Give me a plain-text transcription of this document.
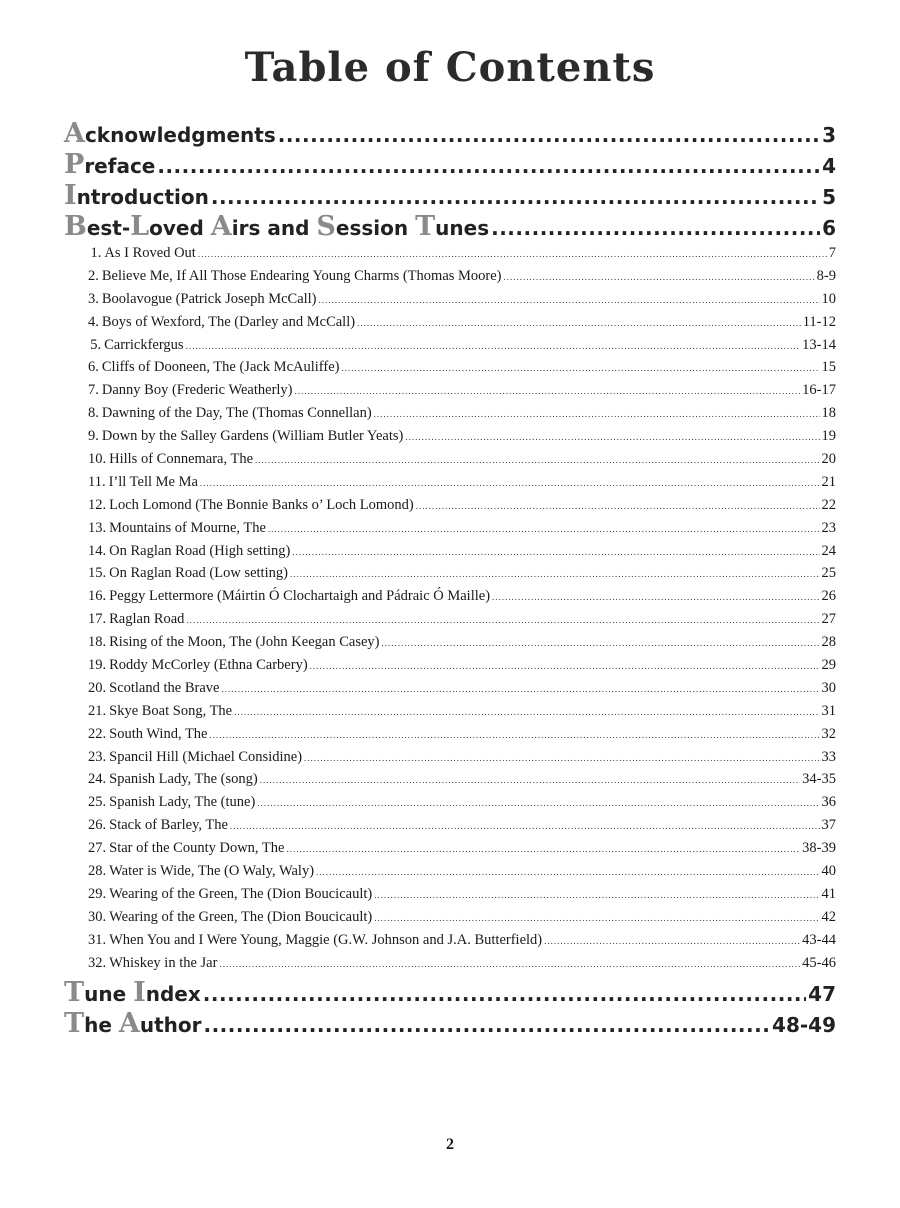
Table of Contents
Acknowledgments .....	3
Preface .....	4
Introduction .....	5
Best-Loved Airs and Session Tunes .....	6
1. As I Roved Out .....	7
2. Believe Me, If All Those Endearing Young Charms (Thomas Moore) .....	8-9
3. Boolavogue (Patrick Joseph McCall) .....	10
4. Boys of Wexford, The (Darley and McCall) .....	11-12
5. Carrickfergus .....	13-14
6. Cliffs of Dooneen, The (Jack McAuliffe) .....	15
7. Danny Boy (Frederic Weatherly) .....	16-17
8. Dawning of the Day, The (Thomas Connellan) .....	18
9. Down by the Salley Gardens (William Butler Yeats) .....	19
10. Hills of Connemara, The .....	20
11. I’ll Tell Me Ma .....	21
12. Loch Lomond (The Bonnie Banks o’ Loch Lomond) .....	22
13. Mountains of Mourne, The .....	23
14. On Raglan Road (High setting) .....	24
15. On Raglan Road (Low setting) .....	25
16. Peggy Lettermore (Máirtin Ó Clochartaigh and Pádraic Ó Maille) .....	26
17. Raglan Road .....	27
18. Rising of the Moon, The (John Keegan Casey) .....	28
19. Roddy McCorley (Ethna Carbery) .....	29
20. Scotland the Brave .....	30
21. Skye Boat Song, The .....	31
22. South Wind, The .....	32
23. Spancil Hill (Michael Considine) .....	33
24. Spanish Lady, The (song) .....	34-35
25. Spanish Lady, The (tune) .....	36
26. Stack of Barley, The .....	37
27. Star of the County Down, The .....	38-39
28. Water is Wide, The (O Waly, Waly) .....	40
29. Wearing of the Green, The (Dion Boucicault) .....	41
30. Wearing of the Green, The (Dion Boucicault) .....	42
31. When You and I Were Young, Maggie (G.W. Johnson and J.A. Butterfield) .....	43-44
32. Whiskey in the Jar .....	45-46
Tune Index .....	47
The Author .....	48-49
2
